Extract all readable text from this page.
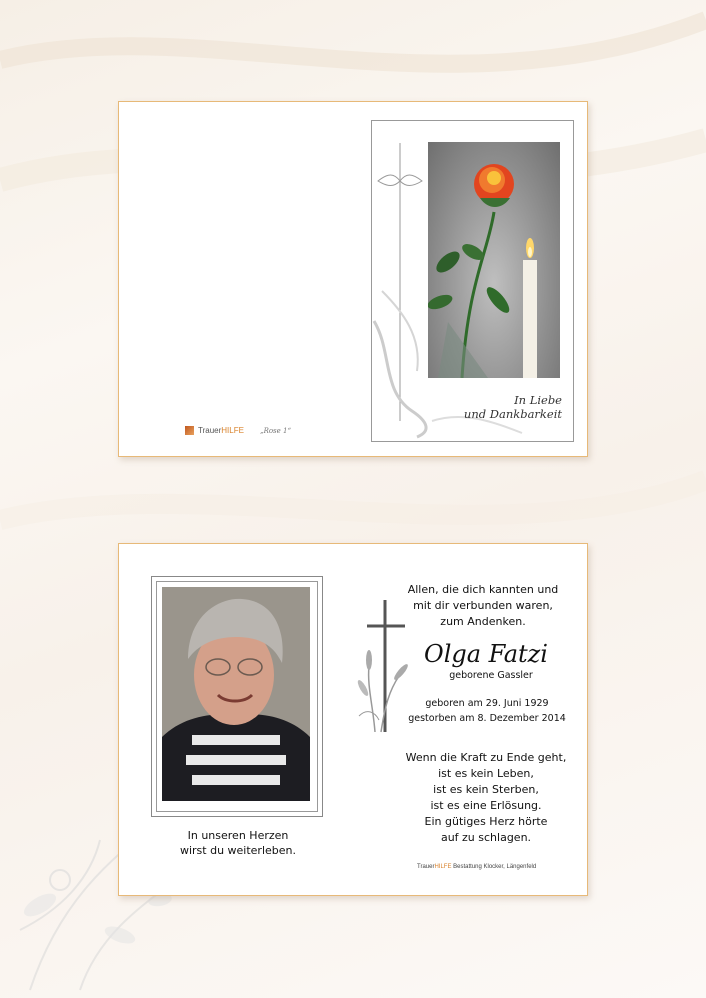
In Liebe
und Dankbarkeit
TrauerHILFE „Rose 1“
In unseren Herzen
wirst du weiterleben.
Allen, die dich kannten und
mit dir verbunden waren,
zum Andenken.
Olga Fatzi
geborene Gassler
geboren am 29. Juni 1929
gestorben am 8. Dezember 2014
Wenn die Kraft zu Ende geht,
ist es kein Leben,
ist es kein Sterben,
ist es eine Erlösung.
Ein gütiges Herz hörte
auf zu schlagen.
TrauerHILFE Bestattung Klocker, Längenfeld
